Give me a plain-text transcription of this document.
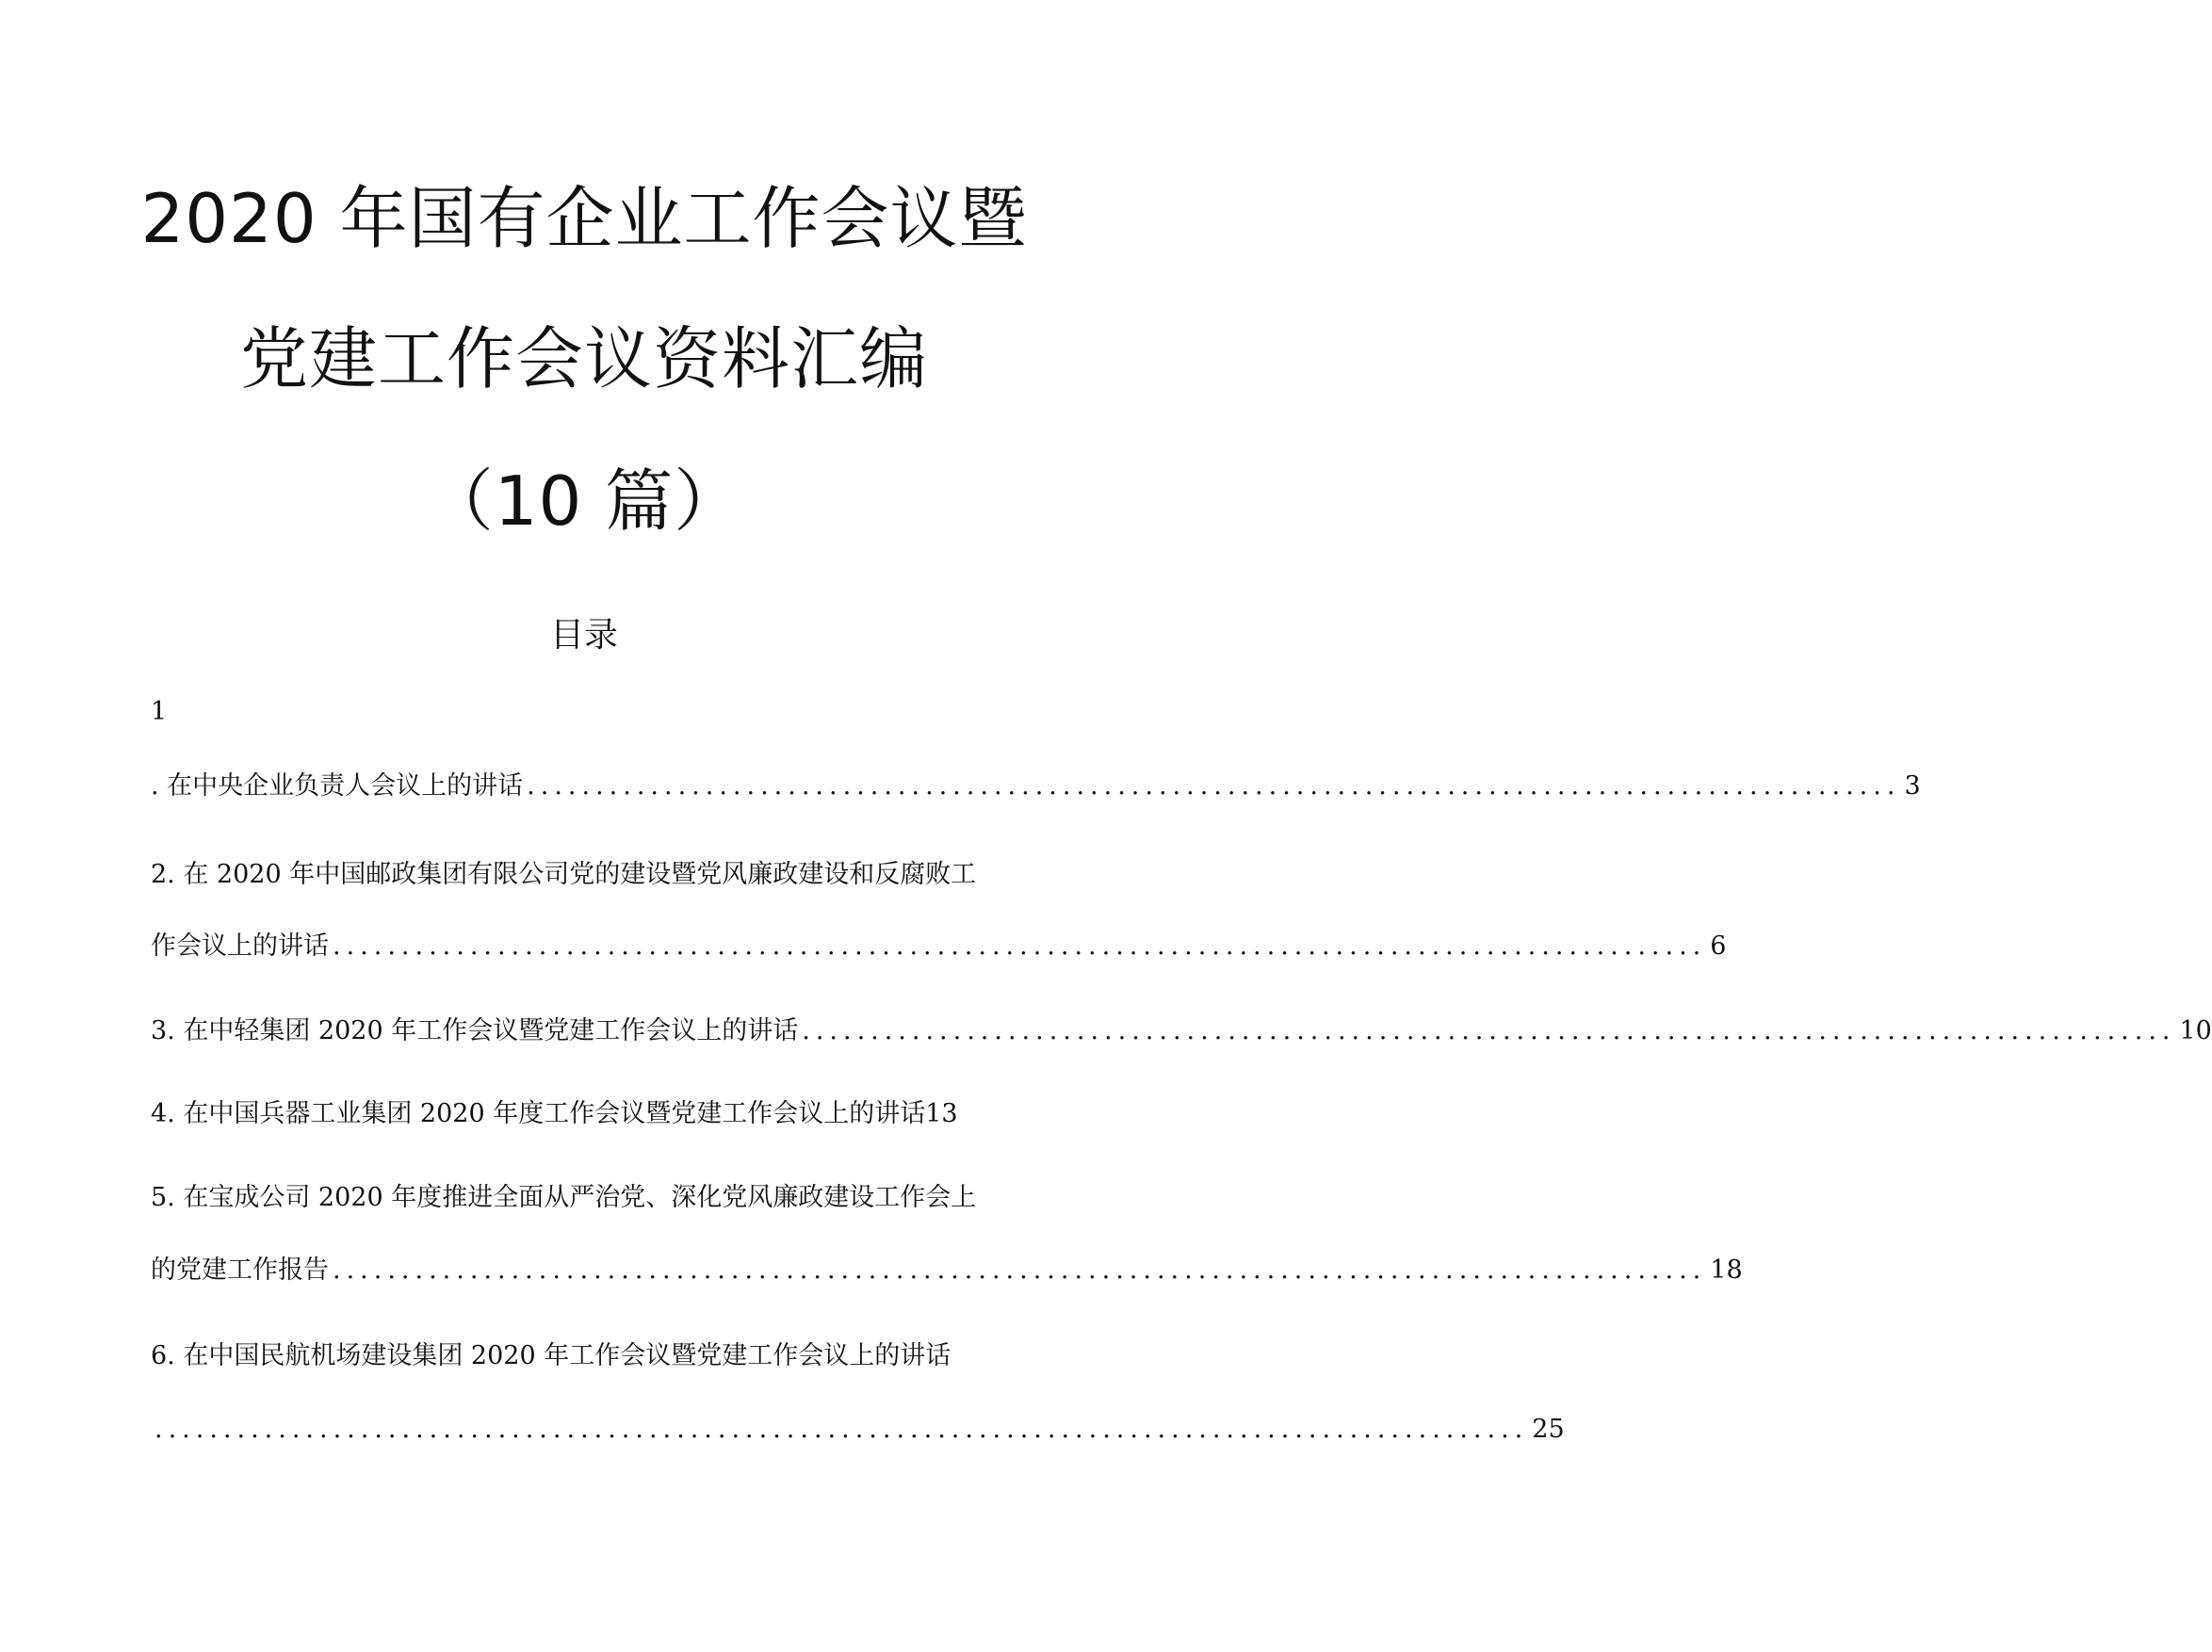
2020 年国有企业工作会议暨
党建工作会议资料汇编
（10 篇）
目录
1
. 在中央企业负责人会议上的讲话 .................................................................................................... 3
2. 在 2020 年中国邮政集团有限公司党的建设暨党风廉政建设和反腐败工
作会议上的讲话 .................................................................................................... 6
3. 在中轻集团 2020 年工作会议暨党建工作会议上的讲话 .................................................................................................... 10
4. 在中国兵器工业集团 2020 年度工作会议暨党建工作会议上的讲话13
5. 在宝成公司 2020 年度推进全面从严治党、深化党风廉政建设工作会上
的党建工作报告 .................................................................................................... 18
6. 在中国民航机场建设集团 2020 年工作会议暨党建工作会议上的讲话
.................................................................................................... 25
